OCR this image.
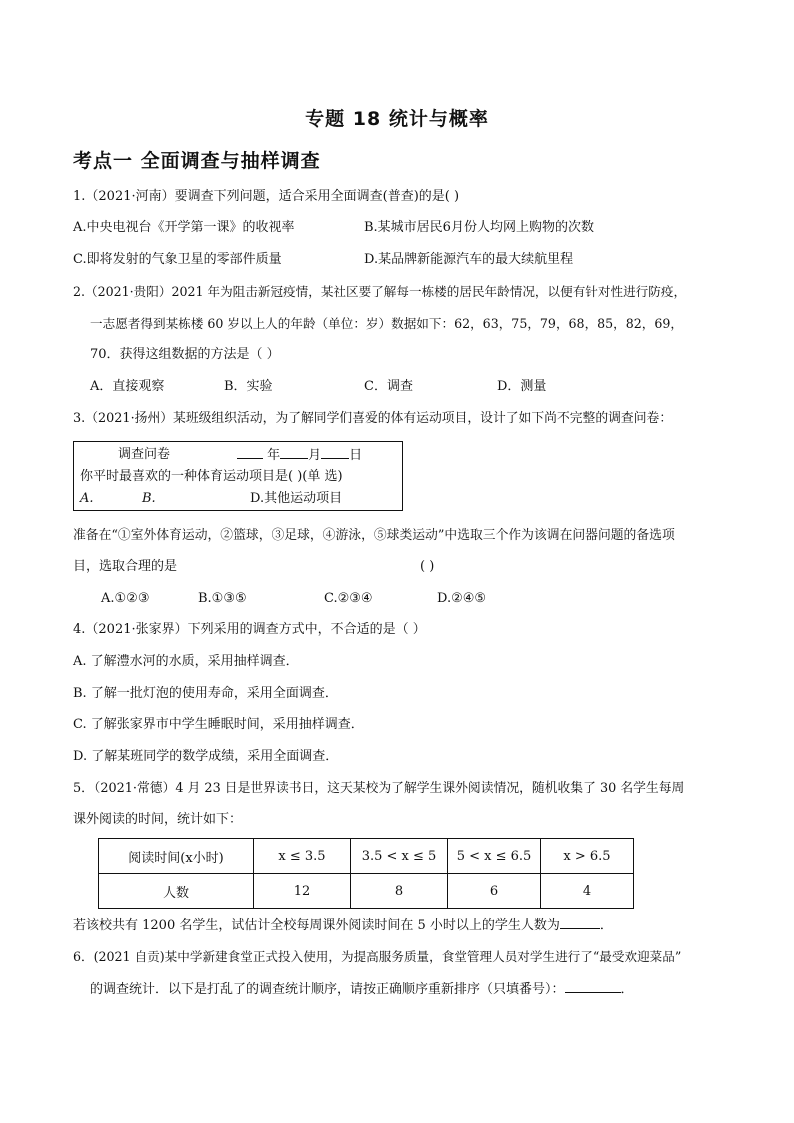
专题 18 统计与概率
考点一 全面调查与抽样调查
1.（2021·河南）要调查下列问题，适合采用全面调查(普查)的是( )
A.中央电视台《开学第一课》的收视率	B.某城市居民6月份人均网上购物的次数
C.即将发射的气象卫星的零部件质量	D.某品牌新能源汽车的最大续航里程
2.（2021·贵阳）2021 年为阻击新冠疫情，某社区要了解每一栋楼的居民年龄情况，以便有针对性进行防疫，
一志愿者得到某栋楼 60 岁以上人的年龄（单位：岁）数据如下：62，63，75，79，68，85，82，69，
70．获得这组数据的方法是（ ）
A．直接观察	B．实验	C．调查	D．测量
3.（2021·扬州）某班级组织活动，为了解同学们喜爱的体有运动项目，设计了如下尚不完整的调查问卷：
调查问卷	年 月 日
你平时最喜欢的一种体育运动项目是( )(单 选)
A.	B.	D.其他运动项目
准备在“①室外体育运动，②篮球，③足球，④游泳，⑤球类运动”中选取三个作为该调在问器问题的备选项
目，选取合理的是	( )
A.①②③	B.①③⑤	C.②③④	D.②④⑤
4.（2021·张家界）下列采用的调查方式中，不合适的是（ ）
A. 了解澧水河的水质，采用抽样调查．
B. 了解一批灯泡的使用寿命，采用全面调查．
C. 了解张家界市中学生睡眠时间，采用抽样调查．
D. 了解某班同学的数学成绩，采用全面调查．
5．（2021·常德）4 月 23 日是世界读书日，这天某校为了解学生课外阅读情况，随机收集了 30 名学生每周
课外阅读的时间，统计如下：
阅读时间(x小时)	x ≤ 3.5	3.5 < x ≤ 5	5 < x ≤ 6.5	x > 6.5
人数	12	8	6	4
若该校共有 1200 名学生，试估计全校每周课外阅读时间在 5 小时以上的学生人数为	．
6．(2021 自贡)某中学新建食堂正式投入使用，为提高服务质量，食堂管理人员对学生进行了“最受欢迎菜品”
的调查统计．以下是打乱了的调查统计顺序，请按正确顺序重新排序（只填番号）：	．
